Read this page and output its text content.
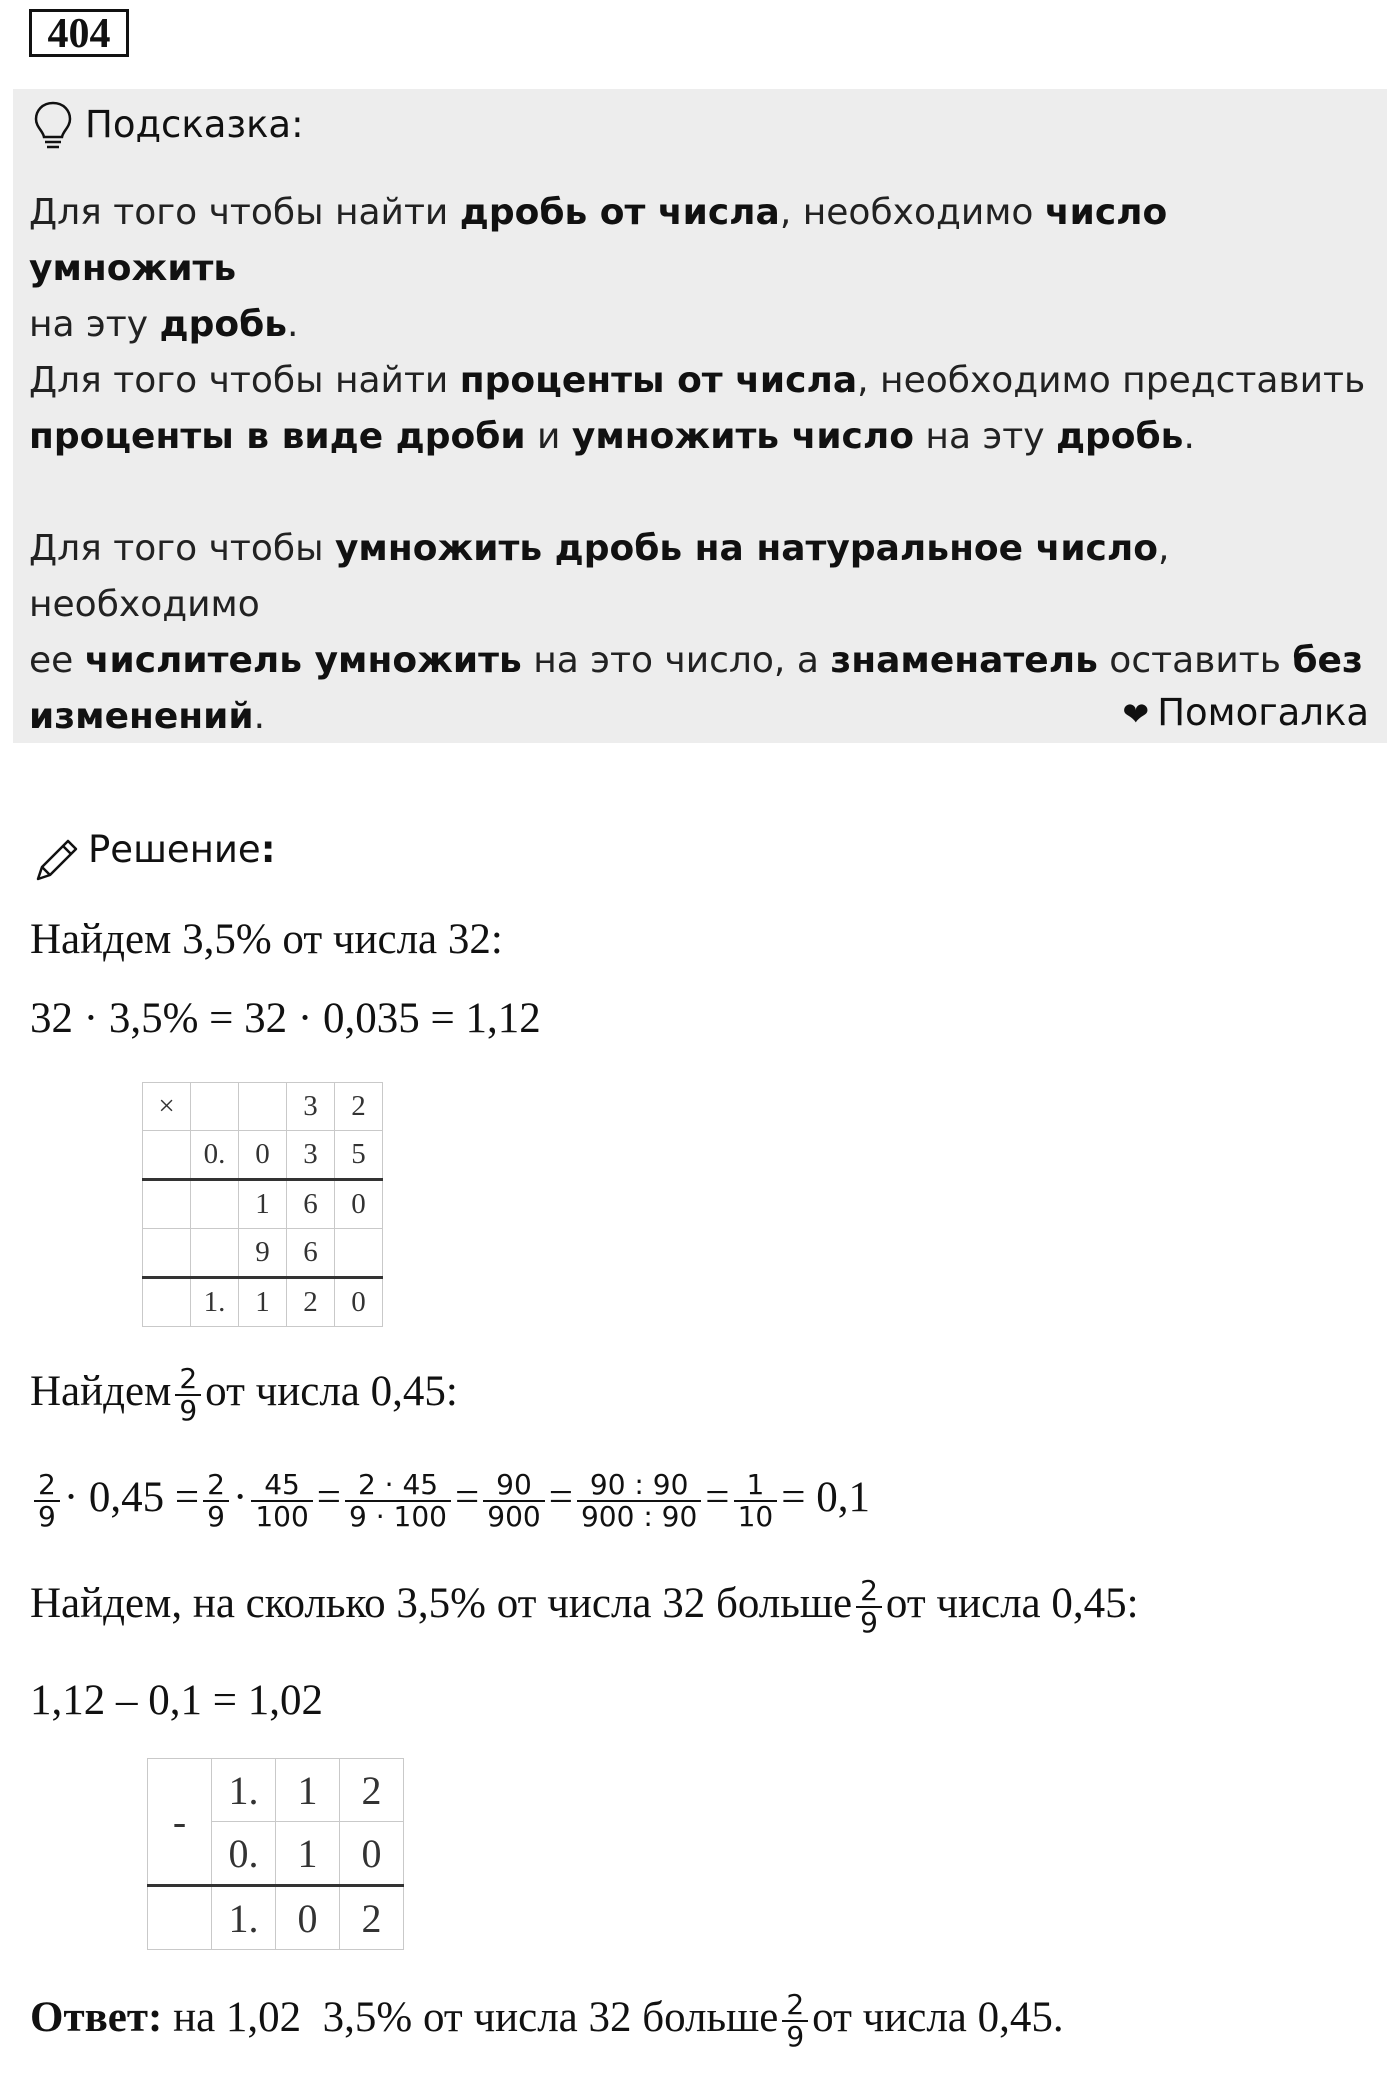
404
Подсказка:
Для того чтобы найти дробь от числа, необходимо число умножить
на эту дробь.
Для того чтобы найти проценты от числа, необходимо представить
проценты в виде дроби и умножить число на эту дробь.
Для того чтобы умножить дробь на натуральное число, необходимо
ее числитель умножить на это число, а знаменатель оставить без
изменений.	❤ Помогалка
Решение:
Найдем 3,5% от числа 32:
32 · 3,5% = 32 · 0,035 = 1,12
×			3	2
	0.	0	3	5
		1	6	0
		9	6	
	1.	1	2	0
Найдем $\frac{2}{9}$ от числа 0,45:
$\frac{2}{9} \cdot 0,45 = \frac{2}{9} \cdot \frac{45}{100} = \frac{2 \cdot 45}{9 \cdot 100} = \frac{90}{900} = \frac{90 : 90}{900 : 90} = \frac{1}{10} = 0,1$
Найдем, на сколько 3,5% от числа 32 больше $\frac{2}{9}$ от числа 0,45:
1,12 – 0,1 = 1,02
-	1.	1	2
	0.	1	0
	1.	0	2
Ответ: на 1,02  3,5% от числа 32 больше $\frac{2}{9}$ от числа 0,45.
